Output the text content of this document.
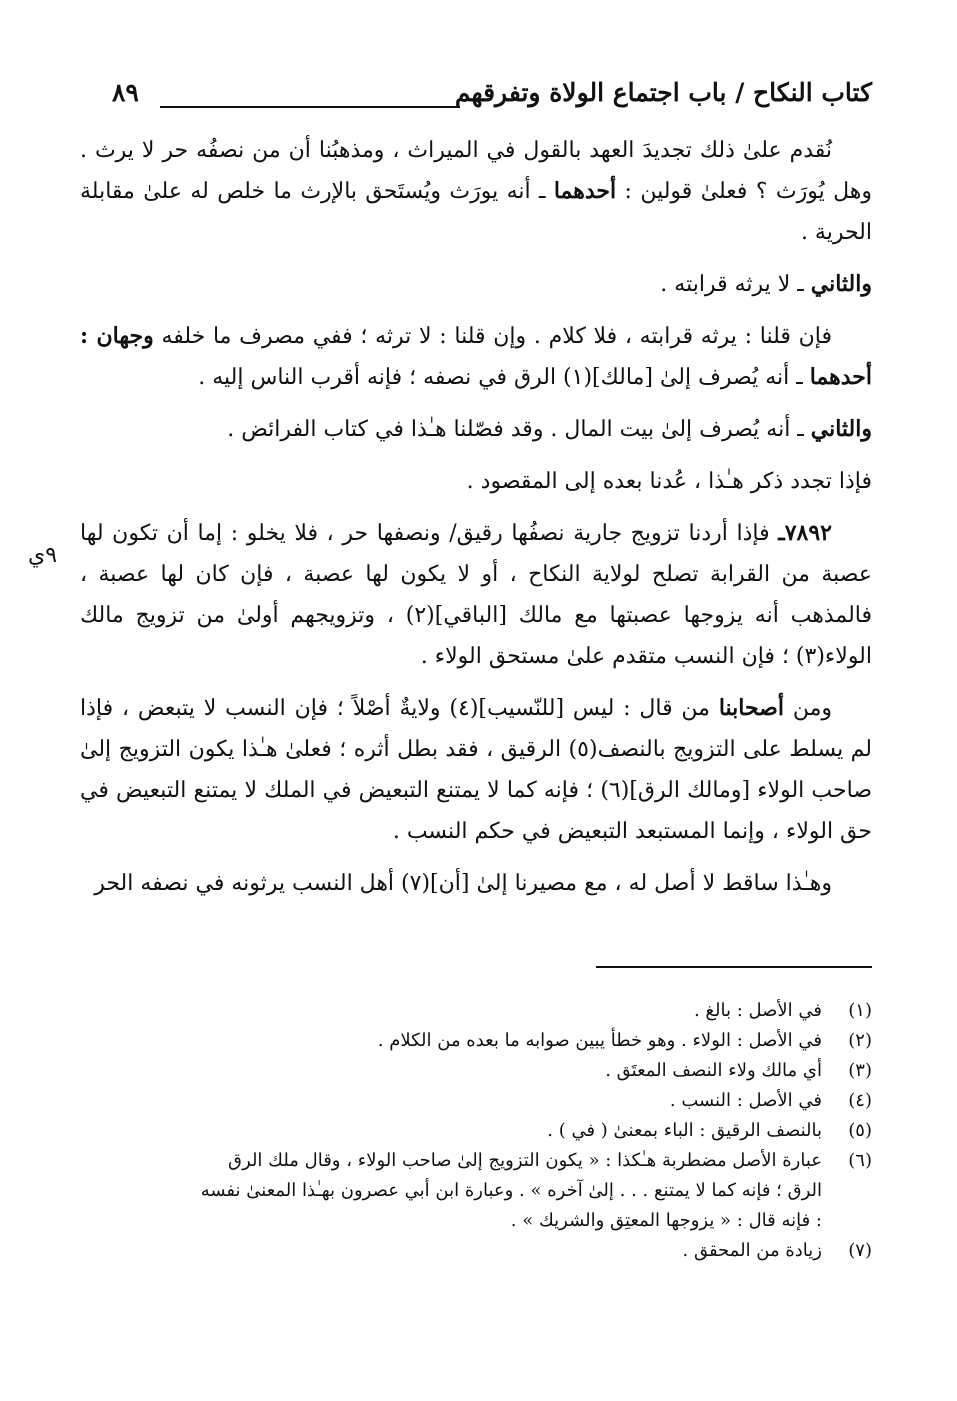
كتاب النكاح / باب اجتماع الولاة وتفرقهم
٨٩
٩ي

نُقدم علىٰ ذلك تجديدَ العهد بالقول في الميراث ، ومذهبُنا أن من نصفُه حر لا يرث . وهل يُورَث ؟ فعلىٰ قولين : أحدهما ـ أنه يورَث ويُستَحق بالإرث ما خلص له علىٰ مقابلة الحرية .

والثاني ـ لا يرثه قرابته .

فإن قلنا : يرثه قرابته ، فلا كلام . وإن قلنا : لا ترثه ؛ ففي مصرف ما خلفه وجهان : أحدهما ـ أنه يُصرف إلىٰ [مالك](١) الرق في نصفه ؛ فإنه أقرب الناس إليه .

والثاني ـ أنه يُصرف إلىٰ بيت المال . وقد فصّلنا هـٰذا في كتاب الفرائض .

فإذا تجدد ذكر هـٰذا ، عُدنا بعده إلى المقصود .

٧٨٩٢ـ فإذا أردنا تزويج جارية نصفُها رقيق/ ونصفها حر ، فلا يخلو : إما أن تكون لها عصبة من القرابة تصلح لولاية النكاح ، أو لا يكون لها عصبة ، فإن كان لها عصبة ، فالمذهب أنه يزوجها عصبتها مع مالك [الباقي](٢) ، وتزويجهم أولىٰ من تزويج مالك الولاء(٣) ؛ فإن النسب متقدم علىٰ مستحق الولاء .

ومن أصحابنا من قال : ليس [للنّسيب](٤) ولايةٌ أصْلاً ؛ فإن النسب لا يتبعض ، فإذا لم يسلط على التزويج بالنصف(٥) الرقيق ، فقد بطل أثره ؛ فعلىٰ هـٰذا يكون التزويج إلىٰ صاحب الولاء [ومالك الرق](٦) ؛ فإنه كما لا يمتنع التبعيض في الملك لا يمتنع التبعيض في حق الولاء ، وإنما المستبعد التبعيض في حكم النسب .

وهـٰذا ساقط لا أصل له ، مع مصيرنا إلىٰ [أن](٧) أهل النسب يرثونه في نصفه الحر

(١)
في الأصل : بالغ .
(٢)
في الأصل : الولاء . وهو خطأ يبين صوابه ما بعده من الكلام .
(٣)
أي مالك ولاء النصف المعتَق .
(٤)
في الأصل : النسب .
(٥)
بالنصف الرقيق : الباء بمعنىٰ ( في ) .
(٦)
عبارة الأصل مضطربة هـٰكذا : « يكون التزويج إلىٰ صاحب الولاء ، وقال ملك الرق الرق ؛ فإنه كما لا يمتنع . . . إلىٰ آخره » . وعبارة ابن أبي عصرون بهـٰذا المعنىٰ نفسه : فإنه قال : « يزوجها المعتِق والشريك » .
(٧)
زيادة من المحقق .
